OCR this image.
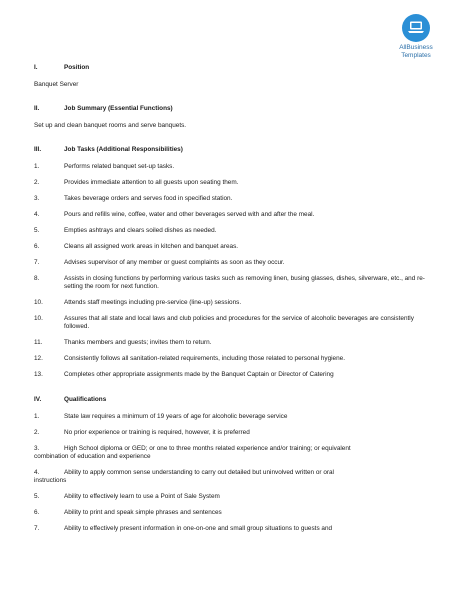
AllBusiness
Templates
I.	Position
Banquet Server
II.	Job Summary (Essential Functions)
Set up and clean banquet rooms and serve banquets.
III.	Job Tasks (Additional Responsibilities)
1.	Performs related banquet set-up tasks.
2.	Provides immediate attention to all guests upon seating them.
3.	Takes beverage orders and serves food in specified station.
4.	Pours and refills wine, coffee, water and other beverages served with and after the meal.
5.	Empties ashtrays and clears soiled dishes as needed.
6.	Cleans all assigned work areas in kitchen and banquet areas.
7.	Advises supervisor of any member or guest complaints as soon as they occur.
8.	Assists in closing functions by performing various tasks such as removing linen, busing glasses, dishes, silverware, etc., and re-setting the room for next function.
10.	Attends staff meetings including pre-service (line-up) sessions.
10.	Assures that all state and local laws and club policies and procedures for the service of alcoholic beverages are consistently followed.
11.	Thanks members and guests; invites them to return.
12.	Consistently follows all sanitation-related requirements, including those related to personal hygiene.
13.	Completes other appropriate assignments made by the Banquet Captain or Director of Catering
IV.	Qualifications
1.	State law requires a minimum of 19 years of age for alcoholic beverage service
2.	No prior experience or training is required, however, it is preferred
3.	High School diploma or GED; or one to three months related experience and/or training; or equivalent
combination of education and experience
4.	Ability to apply common sense understanding to carry out detailed but uninvolved written or oral
instructions
5.	Ability to effectively learn to use a Point of Sale System
6.	Ability to print and speak simple phrases and sentences
7.	Ability to effectively present information in one-on-one and small group situations to guests and
